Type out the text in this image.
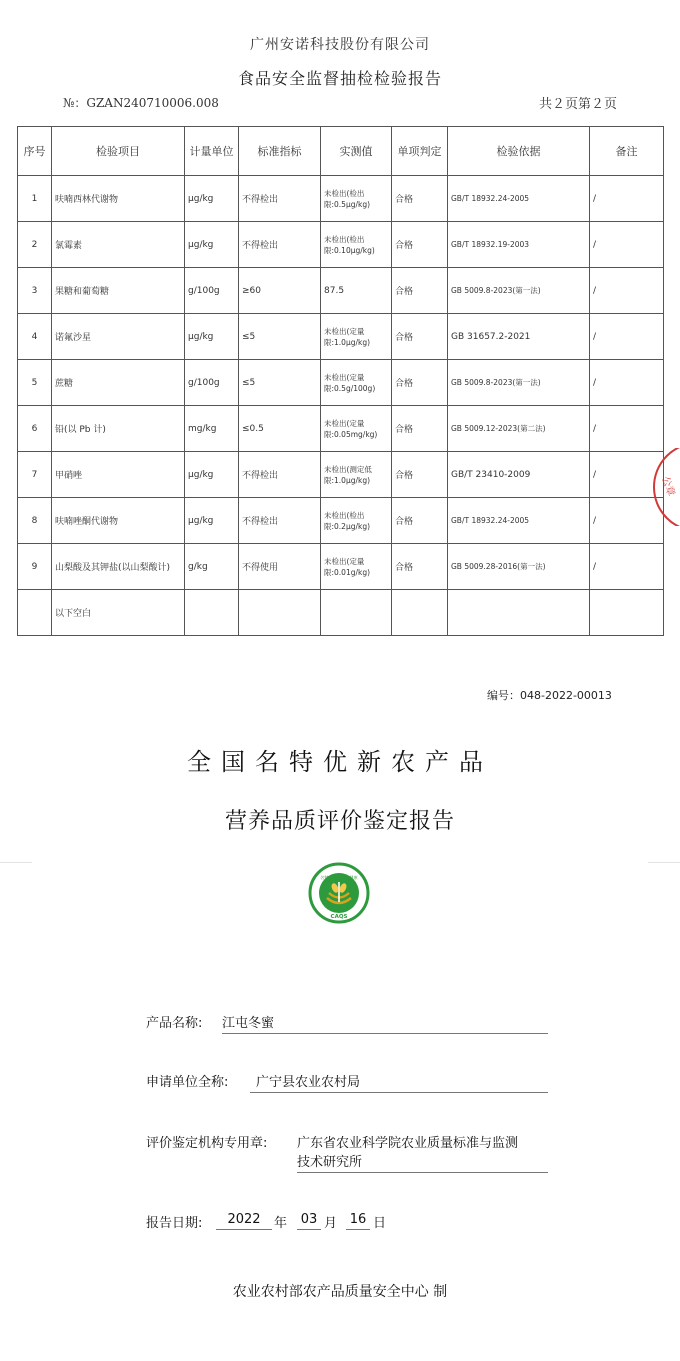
广州安诺科技股份有限公司
食品安全监督抽检检验报告
№：GZAN240710006.008	共２页第２页
序号	检验项目	计量单位	标准指标	实测值	单项判定	检验依据	备注
1	呋喃西林代谢物	μg/kg	不得检出	未检出(检出限:0.5μg/kg)	合格	GB/T 18932.24-2005	/
2	氯霉素	μg/kg	不得检出	未检出(检出限:0.10μg/kg)	合格	GB/T 18932.19-2003	/
3	果糖和葡萄糖	g/100g	≥60	87.5	合格	GB 5009.8-2023(第一法)	/
4	诺氟沙星	μg/kg	≤5	未检出(定量限:1.0μg/kg)	合格	GB 31657.2-2021	/
5	蔗糖	g/100g	≤5	未检出(定量限:0.5g/100g)	合格	GB 5009.8-2023(第一法)	/
6	铅(以 Pb 计)	mg/kg	≤0.5	未检出(定量限:0.05mg/kg)	合格	GB 5009.12-2023(第二法)	/
7	甲硝唑	μg/kg	不得检出	未检出(测定低限:1.0μg/kg)	合格	GB/T 23410-2009	/
8	呋喃唑酮代谢物	μg/kg	不得检出	未检出(检出限:0.2μg/kg)	合格	GB/T 18932.24-2005	/
9	山梨酸及其钾盐(以山梨酸计)	g/kg	不得使用	未检出(定量限:0.01g/kg)	合格	GB 5009.28-2016(第一法)	/
	以下空白						
公章
编号：048-2022-00013
全国名特优新农产品
营养品质评价鉴定报告
名特 优新 营养 健康
CAQS
产品名称: 江屯冬蜜
申请单位全称:	广宁县农业农村局
评价鉴定机构专用章: 广东省农业科学院农业质量标准与监测
技术研究所
报告日期:	2022	年 03 月 16 日
农业农村部农产品质量安全中心 制
